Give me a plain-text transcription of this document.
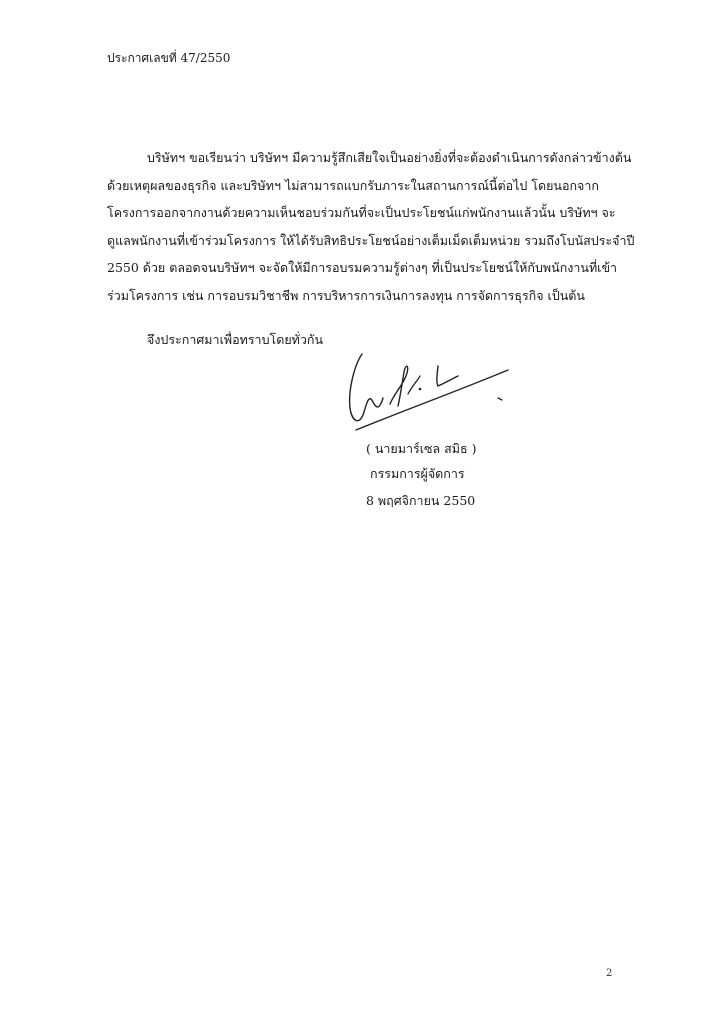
ประกาศเลขที่ 47/2550
บริษัทฯ ขอเรียนว่า บริษัทฯ มีความรู้สึกเสียใจเป็นอย่างยิ่งที่จะต้องดำเนินการดังกล่าวข้างต้น
ด้วยเหตุผลของธุรกิจ และบริษัทฯ ไม่สามารถแบกรับภาระในสถานการณ์นี้ต่อไป โดยนอกจาก
โครงการออกจากงานด้วยความเห็นชอบร่วมกันที่จะเป็นประโยชน์แก่พนักงานแล้วนั้น บริษัทฯ จะ
ดูแลพนักงานที่เข้าร่วมโครงการ ให้ได้รับสิทธิประโยชน์อย่างเต็มเม็ดเต็มหน่วย รวมถึงโบนัสประจำปี
2550 ด้วย ตลอดจนบริษัทฯ จะจัดให้มีการอบรมความรู้ต่างๆ ที่เป็นประโยชน์ให้กับพนักงานที่เข้า
ร่วมโครงการ เช่น การอบรมวิชาชีพ การบริหารการเงินการลงทุน การจัดการธุรกิจ เป็นต้น
จึงประกาศมาเพื่อทราบโดยทั่วกัน
( นายมาร์เซล สมิธ )
กรรมการผู้จัดการ
8 พฤศจิกายน 2550
2
